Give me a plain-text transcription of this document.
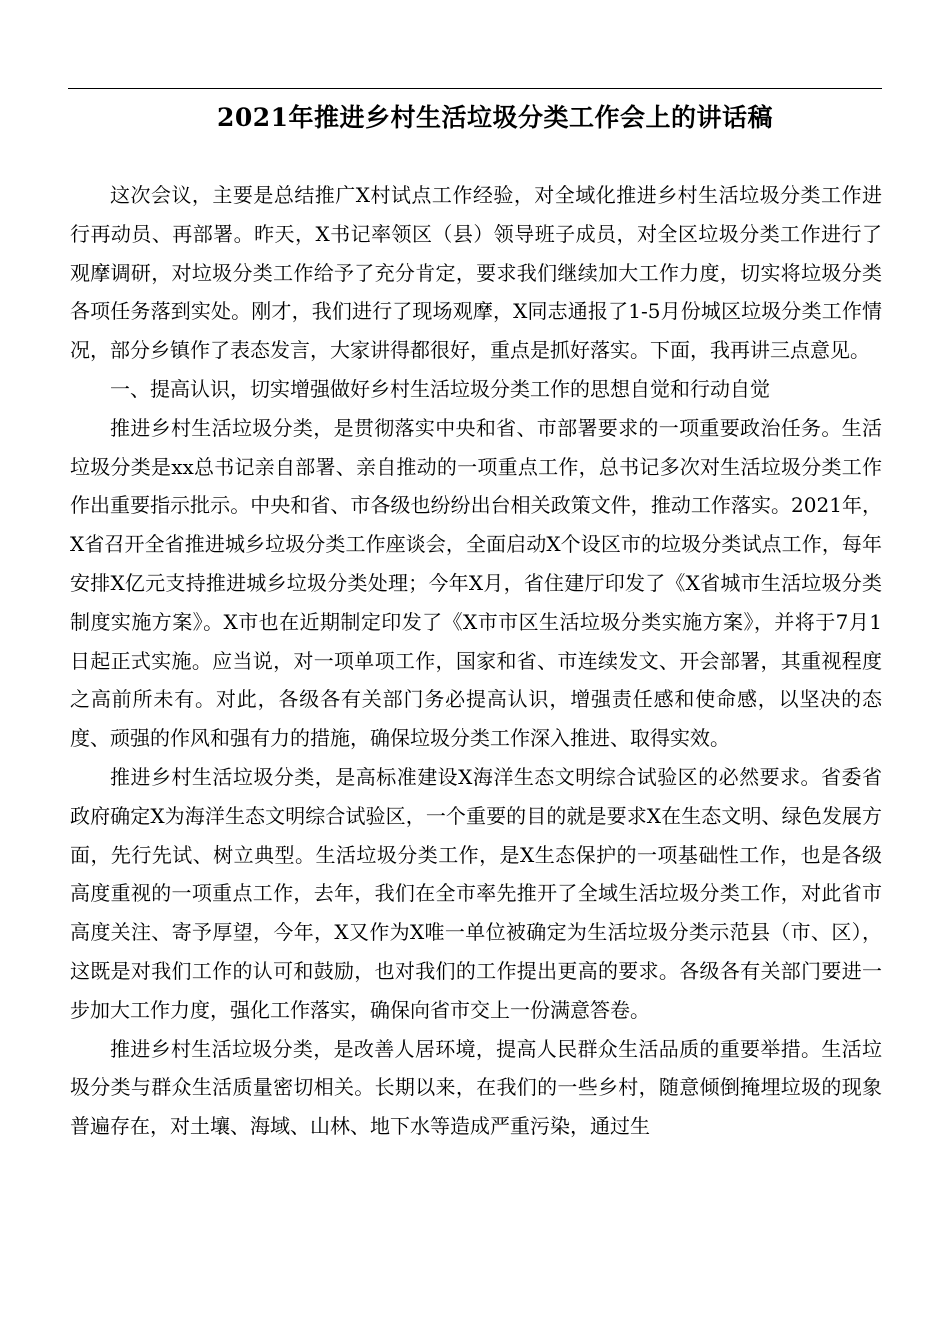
2021年推进乡村生活垃圾分类工作会上的讲话稿

这次会议，主要是总结推广X村试点工作经验，对全域化推进乡村生活垃圾分类工作进行再动员、再部署。昨天，X书记率领区（县）领导班子成员，对全区垃圾分类工作进行了观摩调研，对垃圾分类工作给予了充分肯定，要求我们继续加大工作力度，切实将垃圾分类各项任务落到实处。刚才，我们进行了现场观摩，X同志通报了1-5月份城区垃圾分类工作情况，部分乡镇作了表态发言，大家讲得都很好，重点是抓好落实。下面，我再讲三点意见。

一、提高认识，切实增强做好乡村生活垃圾分类工作的思想自觉和行动自觉

推进乡村生活垃圾分类，是贯彻落实中央和省、市部署要求的一项重要政治任务。生活垃圾分类是xx总书记亲自部署、亲自推动的一项重点工作，总书记多次对生活垃圾分类工作作出重要指示批示。中央和省、市各级也纷纷出台相关政策文件，推动工作落实。2021年，X省召开全省推进城乡垃圾分类工作座谈会，全面启动X个设区市的垃圾分类试点工作，每年安排X亿元支持推进城乡垃圾分类处理；今年X月，省住建厅印发了《X省城市生活垃圾分类制度实施方案》。X市也在近期制定印发了《X市市区生活垃圾分类实施方案》，并将于7月1日起正式实施。应当说，对一项单项工作，国家和省、市连续发文、开会部署，其重视程度之高前所未有。对此，各级各有关部门务必提高认识，增强责任感和使命感，以坚决的态度、顽强的作风和强有力的措施，确保垃圾分类工作深入推进、取得实效。

推进乡村生活垃圾分类，是高标准建设X海洋生态文明综合试验区的必然要求。省委省政府确定X为海洋生态文明综合试验区，一个重要的目的就是要求X在生态文明、绿色发展方面，先行先试、树立典型。生活垃圾分类工作，是X生态保护的一项基础性工作，也是各级高度重视的一项重点工作，去年，我们在全市率先推开了全域生活垃圾分类工作，对此省市高度关注、寄予厚望，今年，X又作为X唯一单位被确定为生活垃圾分类示范县（市、区），这既是对我们工作的认可和鼓励，也对我们的工作提出更高的要求。各级各有关部门要进一步加大工作力度，强化工作落实，确保向省市交上一份满意答卷。

推进乡村生活垃圾分类，是改善人居环境，提高人民群众生活品质的重要举措。生活垃圾分类与群众生活质量密切相关。长期以来，在我们的一些乡村，随意倾倒掩埋垃圾的现象普遍存在，对土壤、海域、山林、地下水等造成严重污染，通过生
